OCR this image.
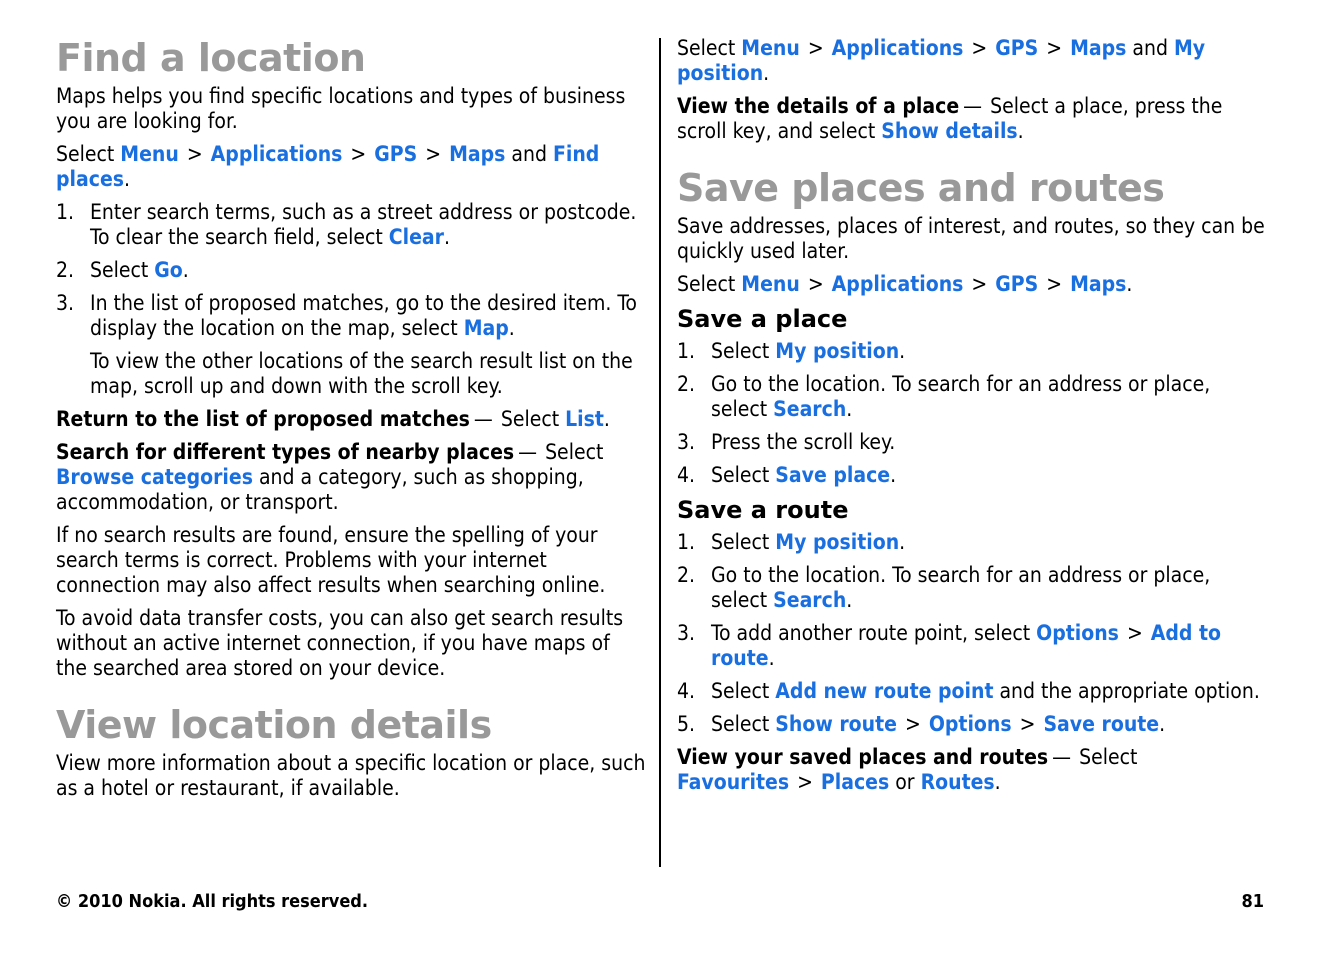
Find a location

Maps helps you find specific locations and types of business you are looking for.

Select Menu > Applications > GPS > Maps and Find places.

1. Enter search terms, such as a street address or postcode. To clear the search field, select Clear.
2. Select Go.
3. In the list of proposed matches, go to the desired item. To display the location on the map, select Map.
To view the other locations of the search result list on the map, scroll up and down with the scroll key.

Return to the list of proposed matches — Select List.

Search for different types of nearby places — Select Browse categories and a category, such as shopping, accommodation, or transport.

If no search results are found, ensure the spelling of your search terms is correct. Problems with your internet connection may also affect results when searching online.

To avoid data transfer costs, you can also get search results without an active internet connection, if you have maps of the searched area stored on your device.

View location details

View more information about a specific location or place, such as a hotel or restaurant, if available.

Select Menu > Applications > GPS > Maps and My position.

View the details of a place — Select a place, press the scroll key, and select Show details.

Save places and routes

Save addresses, places of interest, and routes, so they can be quickly used later.

Select Menu > Applications > GPS > Maps.

Save a place
1. Select My position.
2. Go to the location. To search for an address or place, select Search.
3. Press the scroll key.
4. Select Save place.
Save a route
1. Select My position.
2. Go to the location. To search for an address or place, select Search.
3. To add another route point, select Options > Add to route.
4. Select Add new route point and the appropriate option.
5. Select Show route > Options > Save route.

View your saved places and routes — Select Favourites > Places or Routes.

© 2010 Nokia. All rights reserved.	81
